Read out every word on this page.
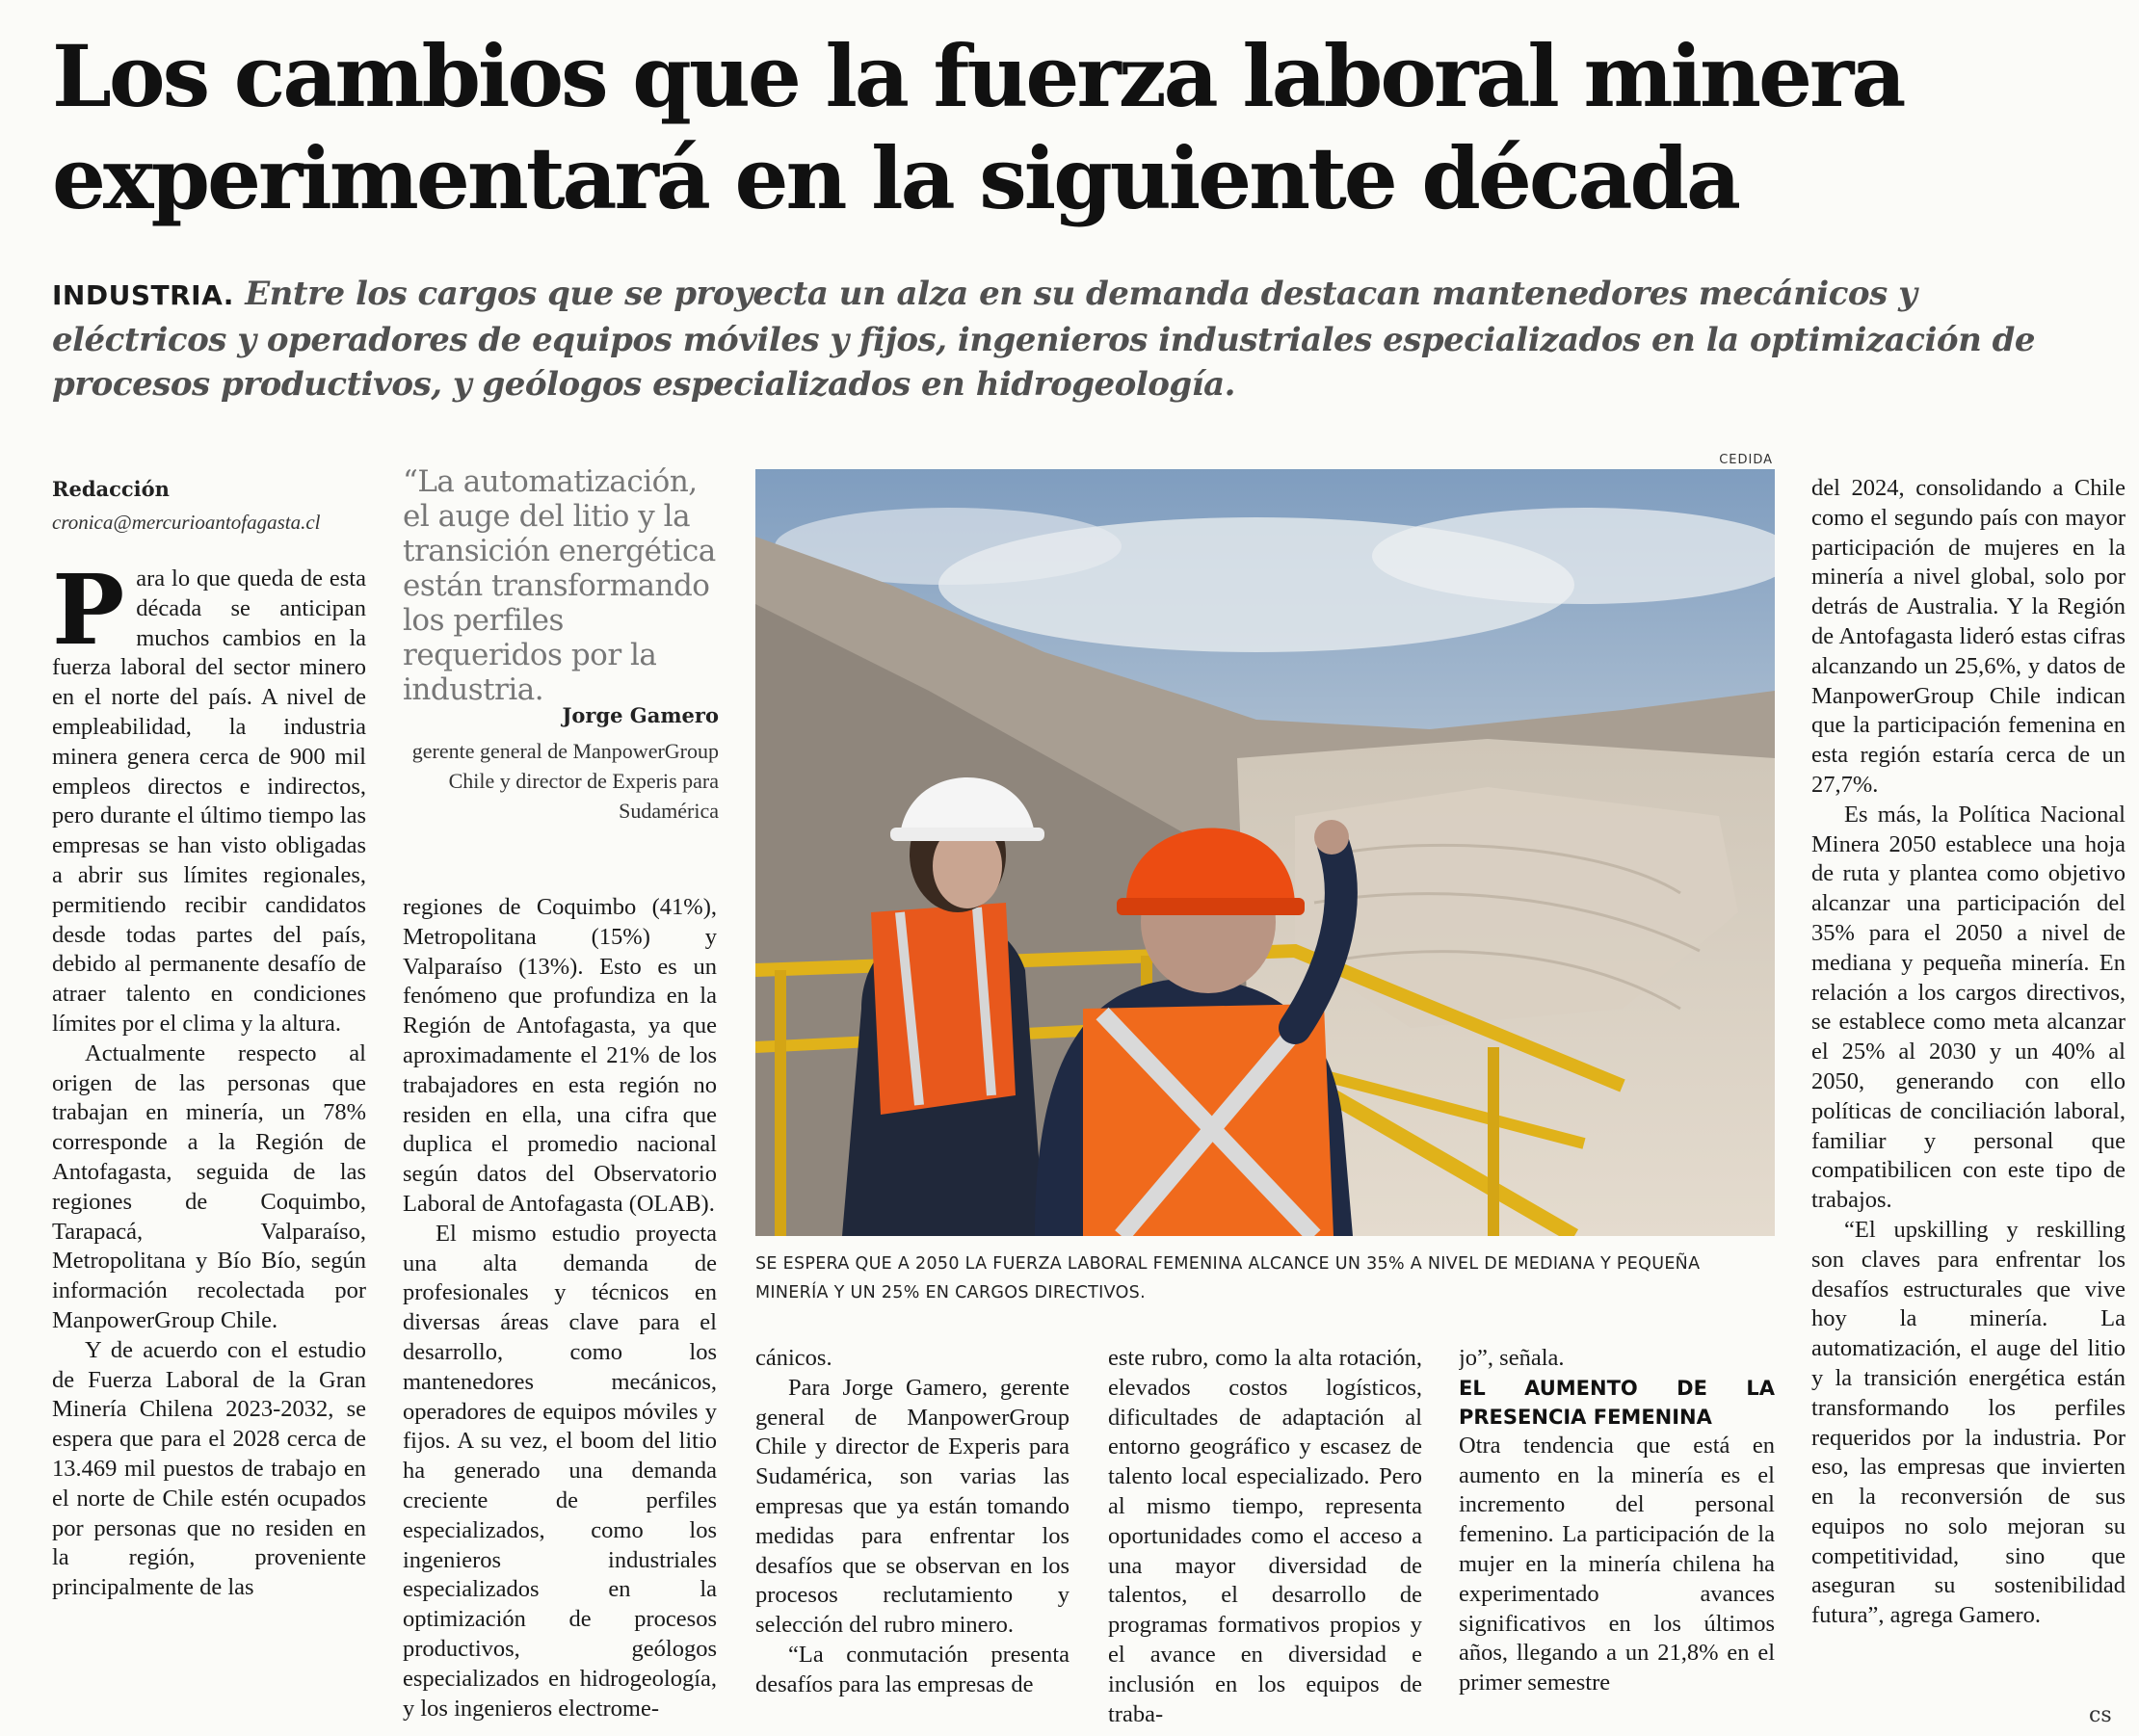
Los cambios que la fuerza laboral minera
experimentará en la siguiente década
INDUSTRIA. Entre los cargos que se proyecta un alza en su demanda destacan mantenedores mecánicos y eléctricos y operadores de equipos móviles y fijos, ingenieros industriales especializados en la optimización de procesos productivos, y geólogos especializados en hidrogeología.
Redacción
cronica@mercurioantofagasta.cl

Para lo que queda de esta década se anticipan muchos cambios en la fuerza laboral del sector minero en el norte del país. A nivel de empleabilidad, la industria minera genera cerca de 900 mil empleos directos e indirectos, pero durante el último tiempo las empresas se han visto obligadas a abrir sus límites regionales, permitiendo recibir candidatos desde todas partes del país, debido al permanente desafío de atraer talento en condiciones límites por el clima y la altura.

Actualmente respecto al origen de las personas que trabajan en minería, un 78% corresponde a la Región de Antofagasta, seguida de las regiones de Coquimbo, Tarapacá, Valparaíso, Metropolitana y Bío Bío, según información recolectada por ManpowerGroup Chile.

Y de acuerdo con el estudio de Fuerza Laboral de la Gran Minería Chilena 2023-2032, se espera que para el 2028 cerca de 13.469 mil puestos de trabajo en el norte de Chile estén ocupados por personas que no residen en la región, proveniente principalmente de las

“La automatización, el auge del litio y la transición energética están transformando los perfiles requeridos por la industria.
Jorge Gamero
gerente general de ManpowerGroup Chile y director de Experis para Sudamérica

regiones de Coquimbo (41%), Metropolitana (15%) y Valparaíso (13%). Esto es un fenómeno que profundiza en la Región de Antofagasta, ya que aproximadamente el 21% de los trabajadores en esta región no residen en ella, una cifra que duplica el promedio nacional según datos del Observatorio Laboral de Antofagasta (OLAB).

El mismo estudio proyecta una alta demanda de profesionales y técnicos en diversas áreas clave para el desarrollo, como los mantenedores mecánicos, operadores de equipos móviles y fijos. A su vez, el boom del litio ha generado una demanda creciente de perfiles especializados, como los ingenieros industriales especializados en la optimización de procesos productivos, geólogos especializados en hidrogeología, y los ingenieros electrome-

CEDIDA
SE ESPERA QUE A 2050 LA FUERZA LABORAL FEMENINA ALCANCE UN 35% A NIVEL DE MEDIANA Y PEQUEÑA MINERÍA Y UN 25% EN CARGOS DIRECTIVOS.

cánicos.

Para Jorge Gamero, gerente general de ManpowerGroup Chile y director de Experis para Sudamérica, son varias las empresas que ya están tomando medidas para enfrentar los desafíos que se observan en los procesos reclutamiento y selección del rubro minero.

“La conmutación presenta desafíos para las empresas de

este rubro, como la alta rotación, elevados costos logísticos, dificultades de adaptación al entorno geográfico y escasez de talento local especializado. Pero al mismo tiempo, representa oportunidades como el acceso a una mayor diversidad de talentos, el desarrollo de programas formativos propios y el avance en diversidad e inclusión en los equipos de traba-

jo”, señala.

EL AUMENTO DE LA PRESENCIA FEMENINA

Otra tendencia que está en aumento en la minería es el incremento del personal femenino. La participación de la mujer en la minería chilena ha experimentado avances significativos en los últimos años, llegando a un 21,8% en el primer semestre

del 2024, consolidando a Chile como el segundo país con mayor participación de mujeres en la minería a nivel global, solo por detrás de Australia. Y la Región de Antofagasta lideró estas cifras alcanzando un 25,6%, y datos de ManpowerGroup Chile indican que la participación femenina en esta región estaría cerca de un 27,7%.

Es más, la Política Nacional Minera 2050 establece una hoja de ruta y plantea como objetivo alcanzar una participación del 35% para el 2050 a nivel de mediana y pequeña minería. En relación a los cargos directivos, se establece como meta alcanzar el 25% al 2030 y un 40% al 2050, generando con ello políticas de conciliación laboral, familiar y personal que compatibilicen con este tipo de trabajos.

“El upskilling y reskilling son claves para enfrentar los desafíos estructurales que vive hoy la minería. La automatización, el auge del litio y la transición energética están transformando los perfiles requeridos por la industria. Por eso, las empresas que invierten en la reconversión de sus equipos no solo mejoran su competitividad, sino que aseguran su sostenibilidad futura”, agrega Gamero.

cs
